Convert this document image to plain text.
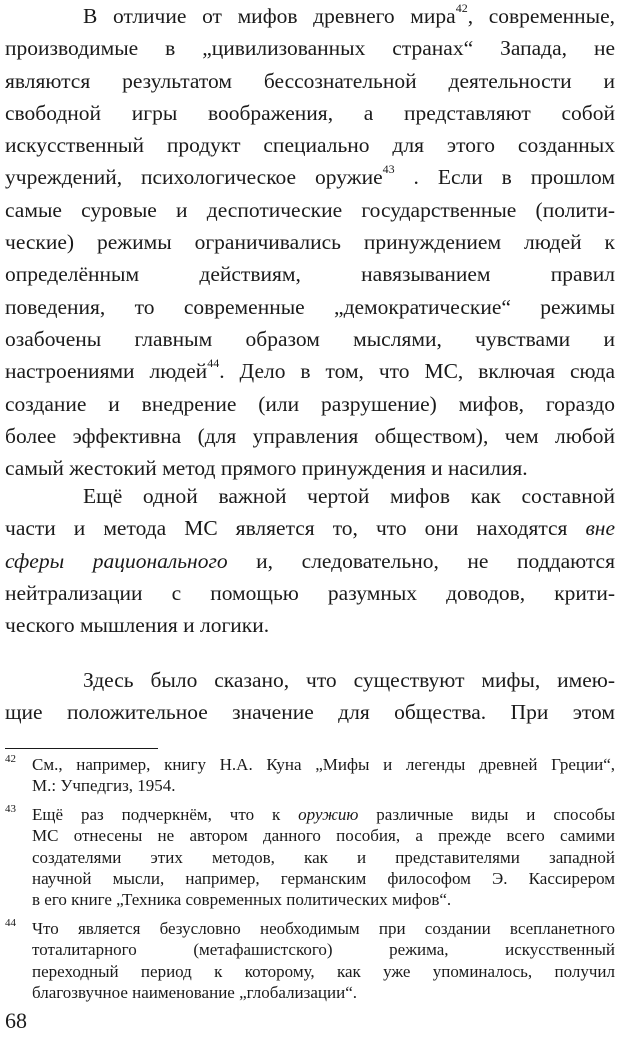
В отличие от мифов древнего мира$^{42}$, современные,
производимые в „цивилизованных странах“ Запада, не
являются результатом бессознательной деятельности и
свободной игры воображения, а представляют собой
искусственный продукт специально для этого созданных
учреждений, психологическое оружие$^{43}$ . Если в прошлом
самые суровые и деспотические государственные (полити-
ческие) режимы ограничивались принуждением людей к
определённым действиям, навязыванием правил
поведения, то современные „демократические“ режимы
озабочены главным образом мыслями, чувствами и
настроениями людей$^{44}$. Дело в том, что МС, включая сюда
создание и внедрение (или разрушение) мифов, гораздо
более эффективна (для управления обществом), чем любой
самый жестокий метод прямого принуждения и насилия.
Ещё одной важной чертой мифов как составной
части и метода МС является то, что они находятся вне
сферы рационального и, следовательно, не поддаются
нейтрализации с помощью разумных доводов, крити-
ческого мышления и логики.
Здесь было сказано, что существуют мифы, имею-
щие положительное значение для общества. При этом
42 См., например, книгу Н.А. Куна „Мифы и легенды древней Греции“,
М.: Учпедгиз, 1954.
43 Ещё раз подчеркнём, что к оружию различные виды и способы
МС отнесены не автором данного пособия, а прежде всего самими
создателями этих методов, как и представителями западной
научной мысли, например, германским философом Э. Кассирером
в его книге „Техника современных политических мифов“.
44 Что является безусловно необходимым при создании всепланетного
тоталитарного (метафашистского) режима, искусственный
переходный период к которому, как уже упоминалось, получил
благозвучное наименование „глобализации“.
68
